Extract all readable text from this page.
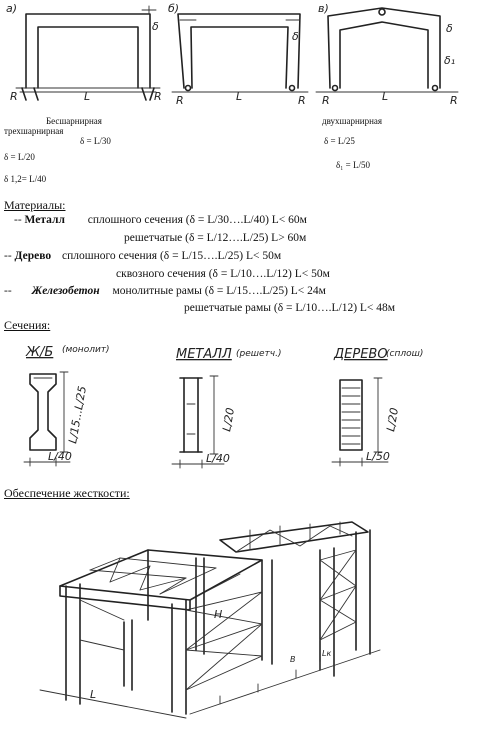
а)
δ
R	L	R
б)
δ
R	L	R
в)
δ
δ₁
R	L	R
Бесшарнирная
трехшарнирная
двухшарнирная
δ = L/30	δ = L/25
δ = L/20
δ₁ = L/50
δ 1,2= L/40
Материалы:
-- Металл сплошного сечения (δ = L/30….L/40) L< 60м
решетчатые (δ = L/12….L/25) L> 60м
-- Дерево сплошного сечения (δ = L/15….L/25) L< 50м
сквозного сечения (δ = L/10….L/12) L< 50м
-- Железобетон монолитные рамы (δ = L/15….L/25) L< 24м
решетчатые рамы (δ = L/10….L/12) L< 48м
Сечения:
Ж/Б (монолит)
L/15...L/25
L/40
МЕТАЛЛ (решетч.)
L/20
L/40
ДЕРЕВО
(сплош)
L/20
L/50
Обеспечение жесткости:
L
B
Lк
H
